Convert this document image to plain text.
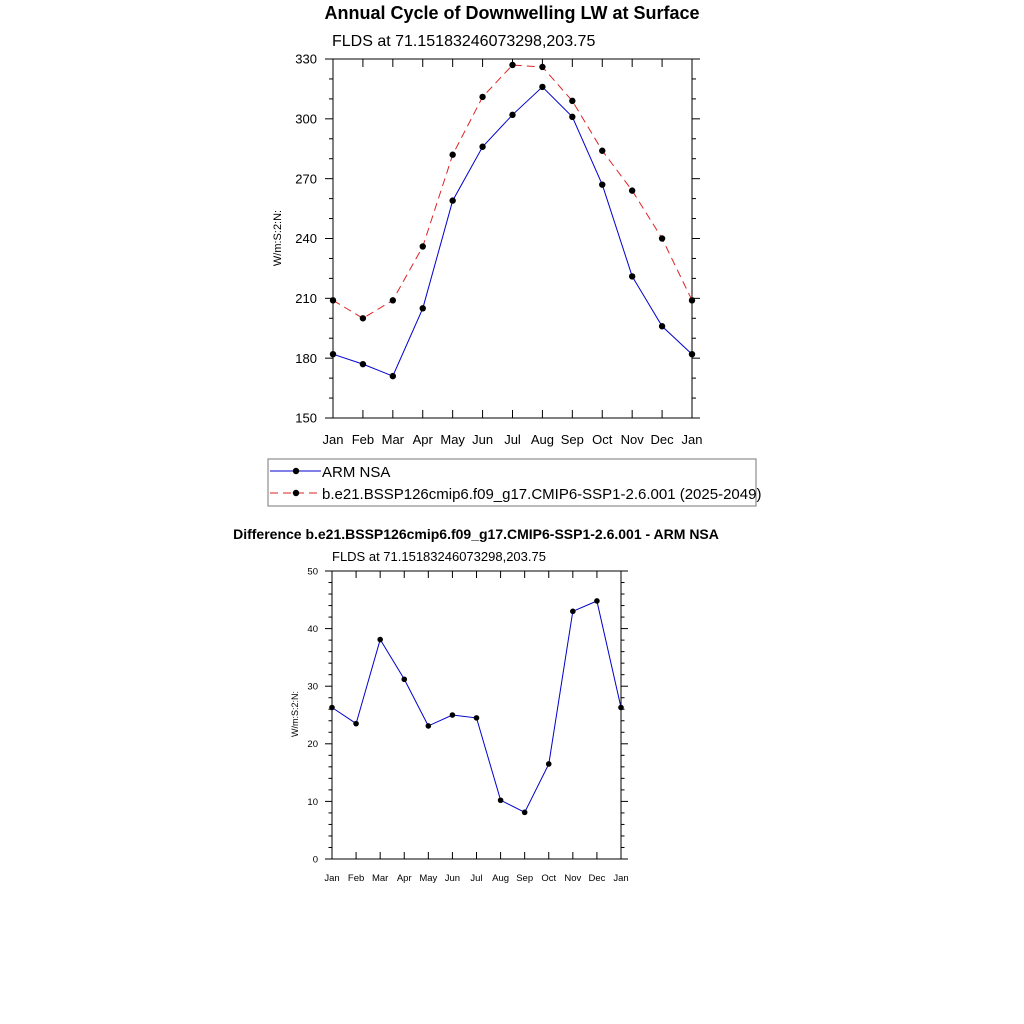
Annual Cycle of Downwelling LW at Surface
FLDS at 71.15183246073298,203.75
W/m:S:2:N:
Jan Feb Mar Apr May Jun Jul Aug Sep Oct Nov Dec Jan
150
180
210
240
270
300
330
ARM NSA
b.e21.BSSP126cmip6.f09_g17.CMIP6-SSP1-2.6.001 (2025-2049)
Difference b.e21.BSSP126cmip6.f09_g17.CMIP6-SSP1-2.6.001 - ARM NSA
FLDS at 71.15183246073298,203.75
W/m:S:2:N:
Jan Feb Mar Apr May Jun Jul Aug Sep Oct Nov Dec Jan
0
10
20
30
40
50
